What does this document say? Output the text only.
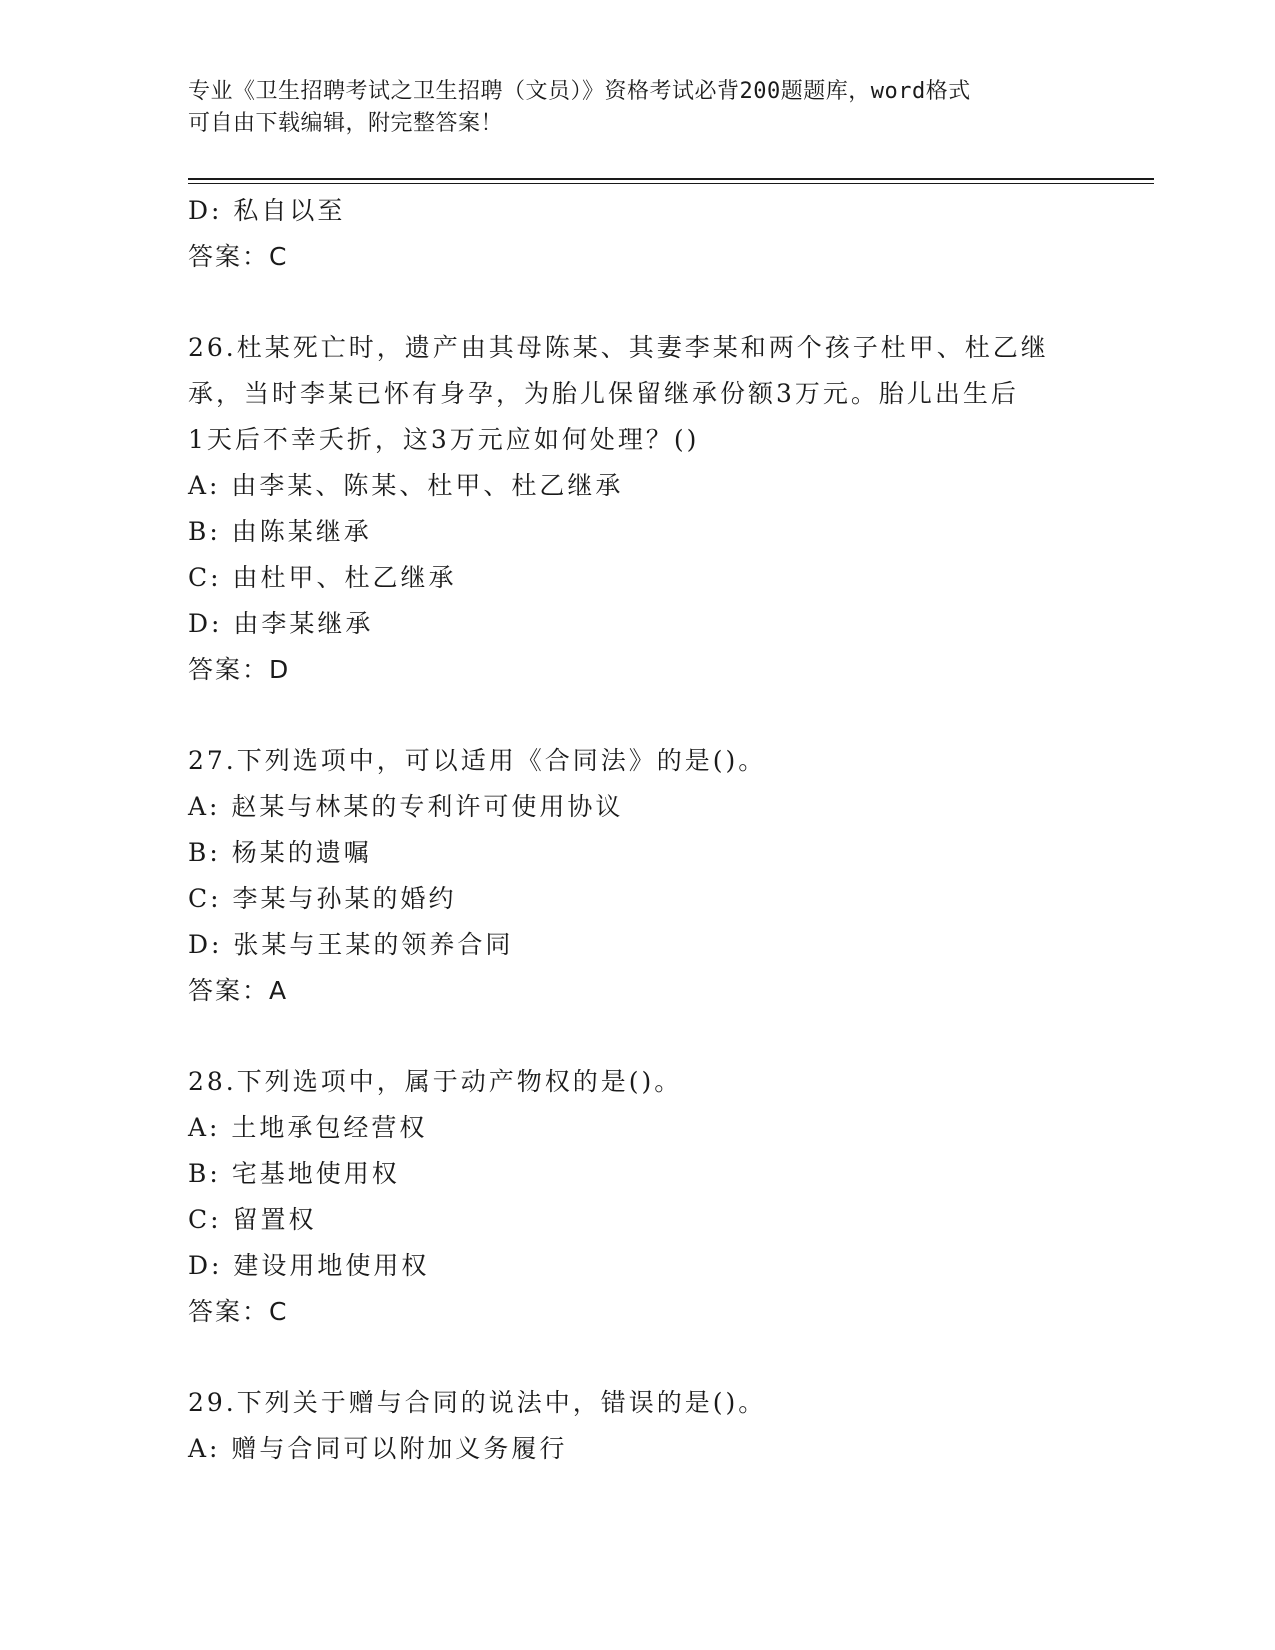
专业《卫生招聘考试之卫生招聘（文员）》资格考试必背200题题库，word格式
可自由下载编辑，附完整答案！
D: 私自以至
答案：C
26.杜某死亡时，遗产由其母陈某、其妻李某和两个孩子杜甲、杜乙继
承，当时李某已怀有身孕，为胎儿保留继承份额3万元。胎儿出生后
1天后不幸夭折，这3万元应如何处理？()
A: 由李某、陈某、杜甲、杜乙继承
B: 由陈某继承
C: 由杜甲、杜乙继承
D: 由李某继承
答案：D
27.下列选项中，可以适用《合同法》的是()。
A: 赵某与林某的专利许可使用协议
B: 杨某的遗嘱
C: 李某与孙某的婚约
D: 张某与王某的领养合同
答案：A
28.下列选项中，属于动产物权的是()。
A: 土地承包经营权
B: 宅基地使用权
C: 留置权
D: 建设用地使用权
答案：C
29.下列关于赠与合同的说法中，错误的是()。
A: 赠与合同可以附加义务履行
